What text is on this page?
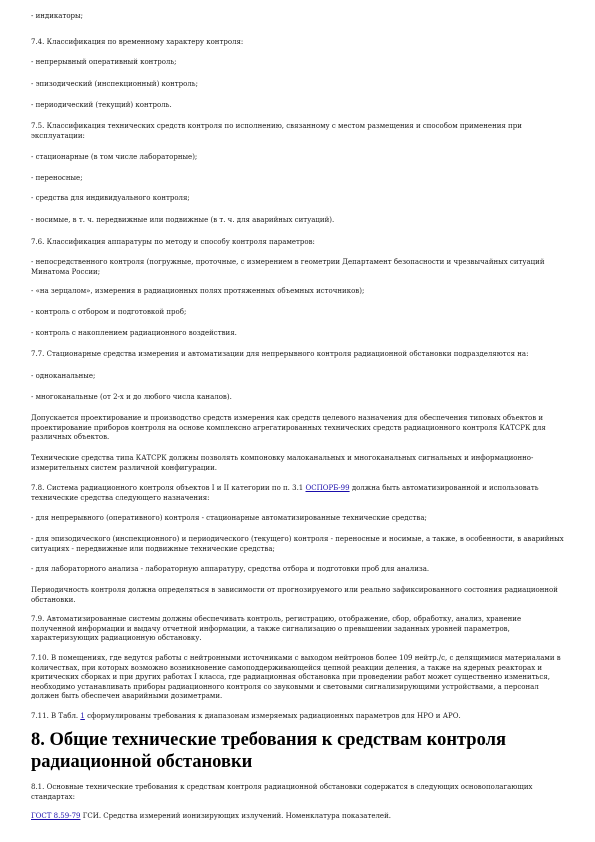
- индикаторы;

7.4. Классификация по временному характеру контроля:

- непрерывный оперативный контроль;

- эпизодический (инспекционный) контроль;

- периодический (текущий) контроль.

7.5. Классификация технических средств контроля по исполнению, связанному с местом размещения и способом применения при эксплуатации:

- стационарные (в том числе лабораторные);

- переносные;

- средства для индивидуального контроля;

- носимые, в т. ч. передвижные или подвижные (в т. ч. для аварийных ситуаций).

7.6. Классификация аппаратуры по методу и способу контроля параметров:

- непосредственного контроля (погружные, проточные, с измерением в геометрии Департамент безопасности и чрезвычайных ситуаций Минатома России;

- «на зерцалом», измерения в радиационных полях протяженных объемных источников);

- контроль с отбором и подготовкой проб;

- контроль с накоплением радиационного воздействия.

7.7. Стационарные средства измерения и автоматизации для непрерывного контроля радиационной обстановки подразделяются на:

- одноканальные;

- многоканальные (от 2-х и до любого числа каналов).

Допускается проектирование и производство средств измерения как средств целевого назначения для обеспечения типовых объектов и проектирование приборов контроля на основе комплексно агрегатированных технических средств радиационного контроля КАТСРК для различных объектов.

Технические средства типа КАТСРК должны позволять компоновку малоканальных и многоканальных сигнальных и информационно-измерительных систем различной конфигурации.

7.8. Система радиационного контроля объектов I и II категории по п. 3.1 ОСПОРБ-99 должна быть автоматизированной и использовать технические средства следующего назначения:

- для непрерывного (оперативного) контроля - стационарные автоматизированные технические средства;

- для эпизодического (инспекционного) и периодического (текущего) контроля - переносные и носимые, а также, в особенности, в аварийных ситуациях - передвижные или подвижные технические средства;

- для лабораторного анализа - лабораторную аппаратуру, средства отбора и подготовки проб для анализа.

Периодичность контроля должна определяться в зависимости от прогнозируемого или реально зафиксированного состояния радиационной обстановки.

7.9. Автоматизированные системы должны обеспечивать контроль, регистрацию, отображение, сбор, обработку, анализ, хранение полученной информации и выдачу отчетной информации, а также сигнализацию о превышении заданных уровней параметров, характеризующих радиационную обстановку.

7.10. В помещениях, где ведутся работы с нейтронными источниками с выходом нейтронов более 109 нейтр./с, с делящимися материалами в количествах, при которых возможно возникновение самоподдерживающейся цепной реакции деления, а также на ядерных реакторах и критических сборках и при других работах I класса, где радиационная обстановка при проведении работ может существенно измениться, необходимо устанавливать приборы радиационного контроля со звуковыми и световыми сигнализирующими устройствами, а персонал должен быть обеспечен аварийными дозиметрами.

7.11. В Табл. 1 сформулированы требования к диапазонам измеряемых радиационных параметров для НРО и АРО.

8. Общие технические требования к средствам контроля радиационной обстановки

8.1. Основные технические требования к средствам контроля радиационной обстановки содержатся в следующих основополагающих стандартах:

ГОСТ 8.59-79 ГСИ. Средства измерений ионизирующих излучений. Номенклатура показателей.
